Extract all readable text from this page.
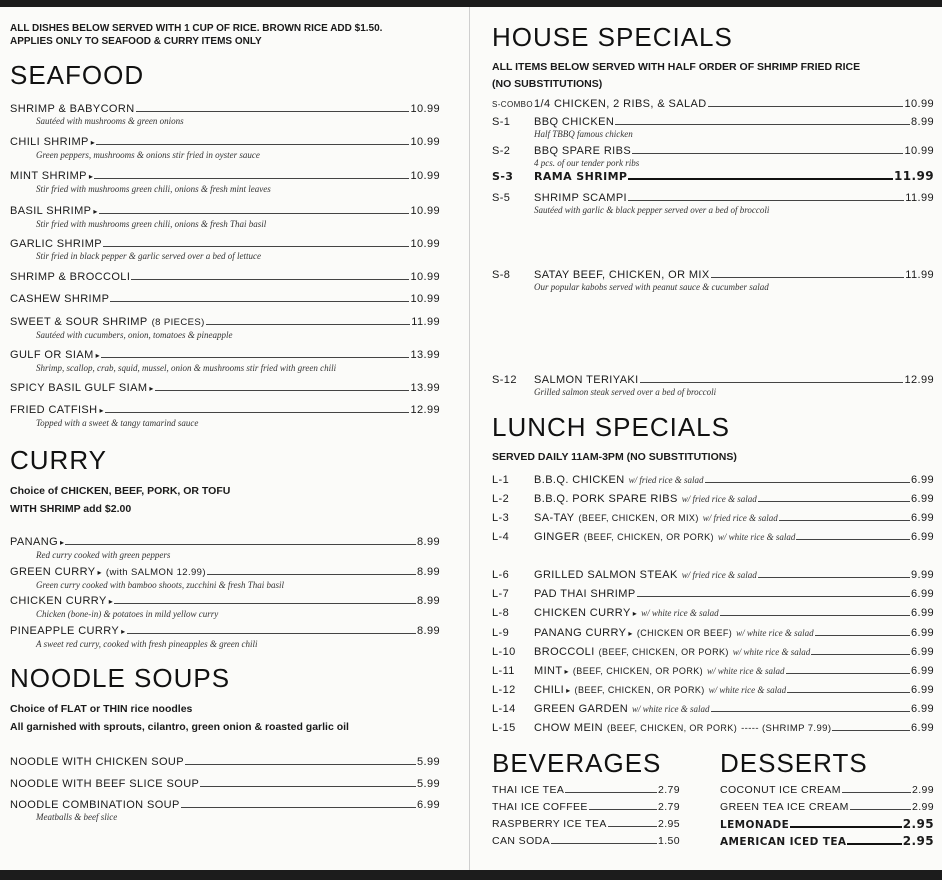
ALL DISHES BELOW SERVED WITH 1 CUP OF RICE. BROWN RICE ADD $1.50.
APPLIES ONLY TO SEAFOOD & CURRY ITEMS ONLY

SEAFOOD
SHRIMP & BABYCORN	10.99
Sautéed with mushrooms & green onions
CHILI SHRIMP ▸	10.99
Green peppers, mushrooms & onions stir fried in oyster sauce
MINT SHRIMP ▸	10.99
Stir fried with mushrooms green chili, onions & fresh mint leaves
BASIL SHRIMP ▸	10.99
Stir fried with mushrooms green chili, onions & fresh Thai basil
GARLIC SHRIMP	10.99
Stir fried in black pepper & garlic served over a bed of lettuce
SHRIMP & BROCCOLI	10.99
CASHEW SHRIMP	10.99
SWEET & SOUR SHRIMP (8 PIECES)	11.99
Sautéed with cucumbers, onion, tomatoes & pineapple
GULF OR SIAM ▸	13.99
Shrimp, scallop, crab, squid, mussel, onion & mushrooms stir fried with green chili
SPICY BASIL GULF SIAM ▸	13.99
FRIED CATFISH ▸	12.99
Topped with a sweet & tangy tamarind sauce
CURRY

Choice of CHICKEN, BEEF, PORK, OR TOFU
WITH SHRIMP add $2.00

PANANG ▸	8.99
Red curry cooked with green peppers
GREEN CURRY ▸ (with SALMON 12.99)	8.99
Green curry cooked with bamboo shoots, zucchini & fresh Thai basil
CHICKEN CURRY ▸	8.99
Chicken (bone-in) & potatoes in mild yellow curry
PINEAPPLE CURRY ▸	8.99
A sweet red curry, cooked with fresh pineapples & green chili
NOODLE SOUPS

Choice of FLAT or THIN rice noodles
All garnished with sprouts, cilantro, green onion & roasted garlic oil

NOODLE WITH CHICKEN SOUP	5.99
NOODLE WITH BEEF SLICE SOUP	5.99
NOODLE COMBINATION SOUP	6.99
Meatballs & beef slice
HOUSE SPECIALS

ALL ITEMS BELOW SERVED WITH HALF ORDER OF SHRIMP FRIED RICE
(NO SUBSTITUTIONS)

S-COMBO 1/4 CHICKEN, 2 RIBS, & SALAD	10.99
S-1	BBQ CHICKEN	8.99
Half TBBQ famous chicken
S-2	BBQ SPARE RIBS	10.99
4 pcs. of our tender pork ribs
S-3	RAMA SHRIMP	11.99
S-5	SHRIMP SCAMPI	11.99
Sautéed with garlic & black pepper served over a bed of broccoli
S-8	SATAY BEEF, CHICKEN, OR MIX	11.99
Our popular kabobs served with peanut sauce & cucumber salad
S-12	SALMON TERIYAKI	12.99
Grilled salmon steak served over a bed of broccoli
LUNCH SPECIALS

SERVED DAILY 11AM-3PM (NO SUBSTITUTIONS)

L-1	B.B.Q. CHICKEN w/ fried rice & salad	6.99
L-2	B.B.Q. PORK SPARE RIBS w/ fried rice & salad	6.99
L-3	SA-TAY (BEEF, CHICKEN, OR MIX) w/ fried rice & salad	6.99
L-4	GINGER (BEEF, CHICKEN, OR PORK) w/ white rice & salad	6.99
L-6	GRILLED SALMON STEAK w/ fried rice & salad	9.99
L-7	PAD THAI SHRIMP	6.99
L-8	CHICKEN CURRY ▸ w/ white rice & salad	6.99
L-9	PANANG CURRY ▸ (CHICKEN OR BEEF) w/ white rice & salad	6.99
L-10	BROCCOLI (BEEF, CHICKEN, OR PORK) w/ white rice & salad	6.99
L-11	MINT ▸ (BEEF, CHICKEN, OR PORK) w/ white rice & salad	6.99
L-12	CHILI ▸ (BEEF, CHICKEN, OR PORK) w/ white rice & salad	6.99
L-14	GREEN GARDEN w/ white rice & salad	6.99
L-15	CHOW MEIN (BEEF, CHICKEN, OR PORK) ----- (SHRIMP 7.99)	6.99
BEVERAGES
THAI ICE TEA	2.79
THAI ICE COFFEE	2.79
RASPBERRY ICE TEA	2.95
CAN SODA	1.50
DESSERTS
COCONUT ICE CREAM	2.99
GREEN TEA ICE CREAM	2.99
LEMONADE	2.95
AMERICAN ICED TEA	2.95
